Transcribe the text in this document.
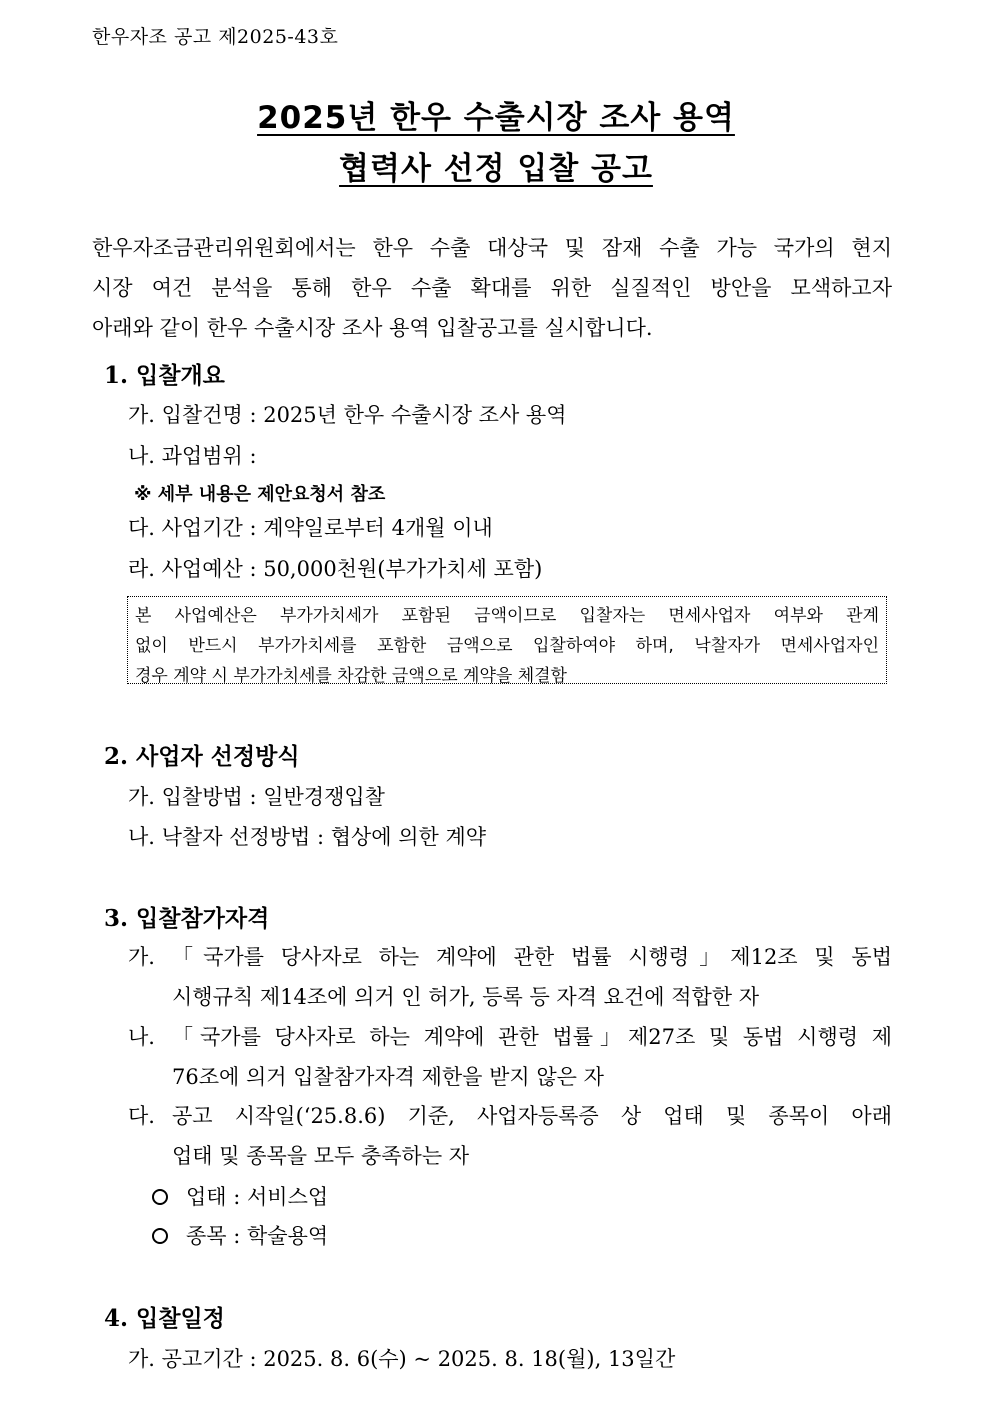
한우자조 공고 제2025-43호
2025년 한우 수출시장 조사 용역
협력사 선정 입찰 공고
한우자조금관리위원회에서는 한우 수출 대상국 및 잠재 수출 가능 국가의 현지
시장 여건 분석을 통해 한우 수출 확대를 위한 실질적인 방안을 모색하고자
아래와 같이 한우 수출시장 조사 용역 입찰공고를 실시합니다.
1. 입찰개요
가. 입찰건명 : 2025년 한우 수출시장 조사 용역
나. 과업범위 :
※ 세부 내용은 제안요청서 참조
다. 사업기간 : 계약일로부터 4개월 이내
라. 사업예산 : 50,000천원(부가가치세 포함)
본 사업예산은 부가가치세가 포함된 금액이므로 입찰자는 면세사업자 여부와 관계
없이 반드시 부가가치세를 포함한 금액으로 입찰하여야 하며, 낙찰자가 면세사업자인
경우 계약 시 부가가치세를 차감한 금액으로 계약을 체결함
2. 사업자 선정방식
가. 입찰방법 : 일반경쟁입찰
나. 낙찰자 선정방법 : 협상에 의한 계약
3. 입찰참가자격
가. 「국가를 당사자로 하는 계약에 관한 법률 시행령」제12조 및 동법
시행규칙 제14조에 의거 인 허가, 등록 등 자격 요건에 적합한 자
나. 「국가를 당사자로 하는 계약에 관한 법률」제27조 및 동법 시행령 제
76조에 의거 입찰참가자격 제한을 받지 않은 자
다. 공고 시작일(‘25.8.6) 기준, 사업자등록증 상 업태 및 종목이 아래
업태 및 종목을 모두 충족하는 자
업태 : 서비스업
종목 : 학술용역
4. 입찰일정
가. 공고기간 : 2025. 8. 6(수) ~ 2025. 8. 18(월), 13일간
